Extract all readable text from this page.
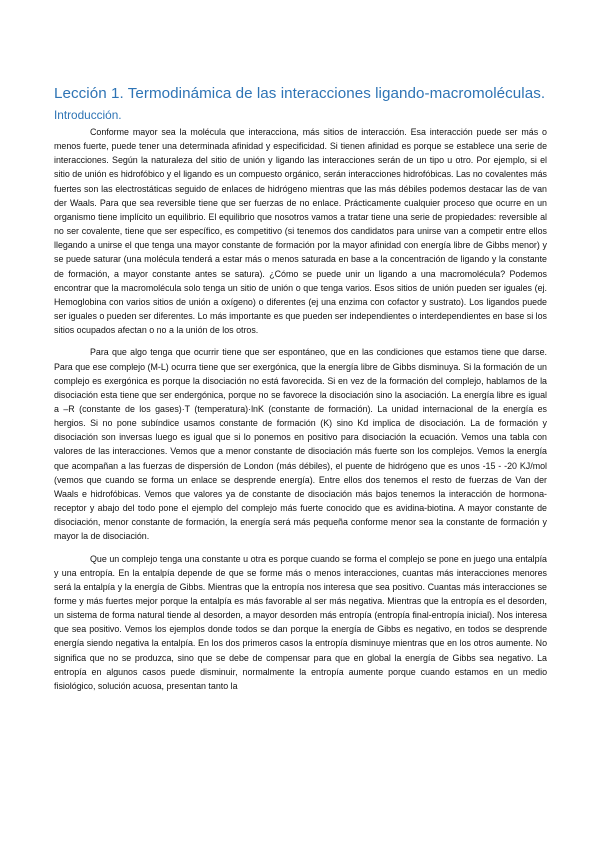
Lección 1. Termodinámica de las interacciones ligando-macromoléculas.
Introducción.

Conforme mayor sea la molécula que interacciona, más sitios de interacción. Esa interacción puede ser más o menos fuerte, puede tener una determinada afinidad y especificidad. Si tienen afinidad es porque se establece una serie de interacciones. Según la naturaleza del sitio de unión y ligando las interacciones serán de un tipo u otro. Por ejemplo, si el sitio de unión es hidrofóbico y el ligando es un compuesto orgánico, serán interacciones hidrofóbicas. Las no covalentes más fuertes son las electrostáticas seguido de enlaces de hidrógeno mientras que las más débiles podemos destacar las de van der Waals. Para que sea reversible tiene que ser fuerzas de no enlace. Prácticamente cualquier proceso que ocurre en un organismo tiene implícito un equilibrio. El equilibrio que nosotros vamos a tratar tiene una serie de propiedades: reversible al no ser covalente, tiene que ser específico, es competitivo (si tenemos dos candidatos para unirse van a competir entre ellos llegando a unirse el que tenga una mayor constante de formación por la mayor afinidad con energía libre de Gibbs menor) y se puede saturar (una molécula tenderá a estar más o menos saturada en base a la concentración de ligando y la constante de formación, a mayor constante antes se satura). ¿Cómo se puede unir un ligando a una macromolécula? Podemos encontrar que la macromolécula solo tenga un sitio de unión o que tenga varios. Esos sitios de unión pueden ser iguales (ej. Hemoglobina con varios sitios de unión a oxígeno) o diferentes (ej una enzima con cofactor y sustrato). Los ligandos puede ser iguales o pueden ser diferentes. Lo más importante es que pueden ser independientes o interdependientes en base si los sitios ocupados afectan o no a la unión de los otros.

Para que algo tenga que ocurrir tiene que ser espontáneo, que en las condiciones que estamos tiene que darse. Para que ese complejo (M-L) ocurra tiene que ser exergónica, que la energía libre de Gibbs disminuya. Si la formación de un complejo es exergónica es porque la disociación no está favorecida. Si en vez de la formación del complejo, hablamos de la disociación esta tiene que ser endergónica, porque no se favorece la disociación sino la asociación. La energía libre es igual a –R (constante de los gases)·T (temperatura)·lnK (constante de formación). La unidad internacional de la energía es hergios. Si no pone subíndice usamos constante de formación (K) sino Kd implica de disociación. La de formación y disociación son inversas luego es igual que si lo ponemos en positivo para disociación la ecuación. Vemos una tabla con valores de las interacciones. Vemos que a menor constante de disociación más fuerte son los complejos. Vemos la energía que acompañan a las fuerzas de dispersión de London (más débiles), el puente de hidrógeno que es unos -15 - -20 KJ/mol (vemos que cuando se forma un enlace se desprende energía). Entre ellos dos tenemos el resto de fuerzas de Van der Waals e hidrofóbicas. Vemos que valores ya de constante de disociación más bajos tenemos la interacción de hormona-receptor y abajo del todo pone el ejemplo del complejo más fuerte conocido que es avidina-biotina. A mayor constante de disociación, menor constante de formación, la energía será más pequeña conforme menor sea la constante de formación y mayor la de disociación.

Que un complejo tenga una constante u otra es porque cuando se forma el complejo se pone en juego una entalpía y una entropía. En la entalpía depende de que se forme más o menos interacciones, cuantas más interacciones menores será la entalpía y la energía de Gibbs. Mientras que la entropía nos interesa que sea positivo. Cuantas más interacciones se forme y más fuertes mejor porque la entalpía es más favorable al ser más negativa. Mientras que la entropía es el desorden, un sistema de forma natural tiende al desorden, a mayor desorden más entropía (entropía final-entropía inicial). Nos interesa que sea positivo. Vemos los ejemplos donde todos se dan porque la energía de Gibbs es negativo, en todos se desprende energía siendo negativa la entalpía. En los dos primeros casos la entropía disminuye mientras que en los otros aumente. No significa que no se produzca, sino que se debe de compensar para que en global la energía de Gibbs sea negativo. La entropía en algunos casos puede disminuir, normalmente la entropía aumente porque cuando estamos en un medio fisiológico, solución acuosa, presentan tanto la
